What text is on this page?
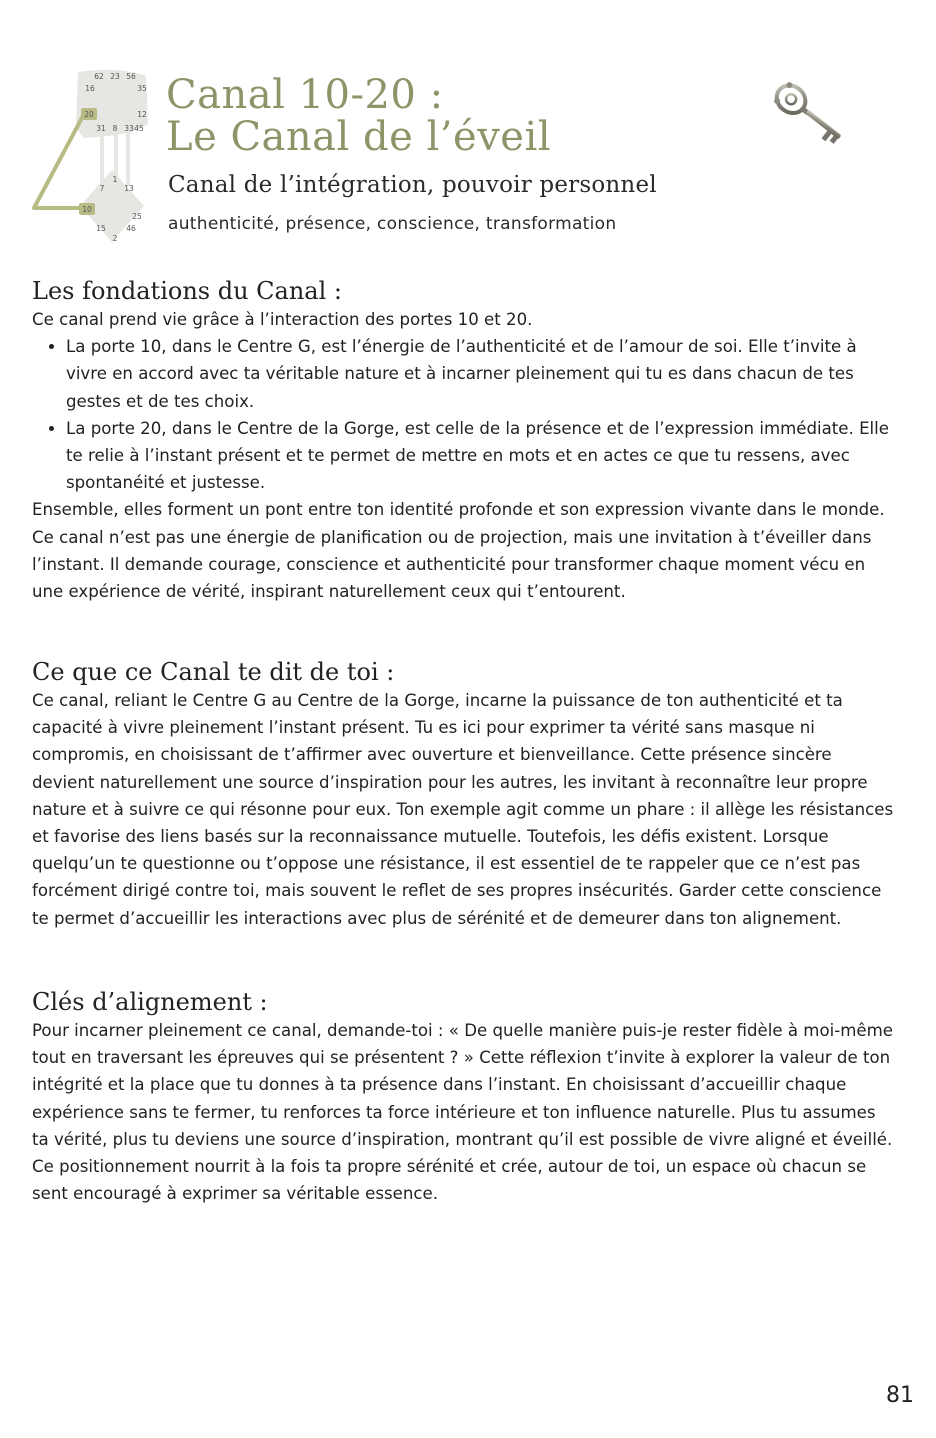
62 23 56
16	35
20	12
31 8 33 45
1
7	13
10
25
15	46
2
Canal 10-20 :
Le Canal de l’éveil
Canal de l’intégration, pouvoir personnel
authenticité, présence, conscience, transformation
Les fondations du Canal :

Ce canal prend vie grâce à l’interaction des portes 10 et 20.

• La porte 10, dans le Centre G, est l’énergie de l’authenticité et de l’amour de soi. Elle t’invite à vivre en accord avec ta véritable nature et à incarner pleinement qui tu es dans chacun de tes gestes et de tes choix.
• La porte 20, dans le Centre de la Gorge, est celle de la présence et de l’expression immédiate. Elle te relie à l’instant présent et te permet de mettre en mots et en actes ce que tu ressens, avec spontanéité et justesse.

Ensemble, elles forment un pont entre ton identité profonde et son expression vivante dans le monde. Ce canal n’est pas une énergie de planification ou de projection, mais une invitation à t’éveiller dans l’instant. Il demande courage, conscience et authenticité pour transformer chaque moment vécu en une expérience de vérité, inspirant naturellement ceux qui t’entourent.

Ce que ce Canal te dit de toi :

Ce canal, reliant le Centre G au Centre de la Gorge, incarne la puissance de ton authenticité et ta capacité à vivre pleinement l’instant présent. Tu es ici pour exprimer ta vérité sans masque ni compromis, en choisissant de t’affirmer avec ouverture et bienveillance. Cette présence sincère devient naturellement une source d’inspiration pour les autres, les invitant à reconnaître leur propre nature et à suivre ce qui résonne pour eux. Ton exemple agit comme un phare : il allège les résistances et favorise des liens basés sur la reconnaissance mutuelle. Toutefois, les défis existent. Lorsque quelqu’un te questionne ou t’oppose une résistance, il est essentiel de te rappeler que ce n’est pas forcément dirigé contre toi, mais souvent le reflet de ses propres insécurités. Garder cette conscience te permet d’accueillir les interactions avec plus de sérénité et de demeurer dans ton alignement.

Clés d’alignement :

Pour incarner pleinement ce canal, demande-toi : « De quelle manière puis-je rester fidèle à moi-même tout en traversant les épreuves qui se présentent ? » Cette réflexion t’invite à explorer la valeur de ton intégrité et la place que tu donnes à ta présence dans l’instant. En choisissant d’accueillir chaque expérience sans te fermer, tu renforces ta force intérieure et ton influence naturelle. Plus tu assumes ta vérité, plus tu deviens une source d’inspiration, montrant qu’il est possible de vivre aligné et éveillé. Ce positionnement nourrit à la fois ta propre sérénité et crée, autour de toi, un espace où chacun se sent encouragé à exprimer sa véritable essence.

81
